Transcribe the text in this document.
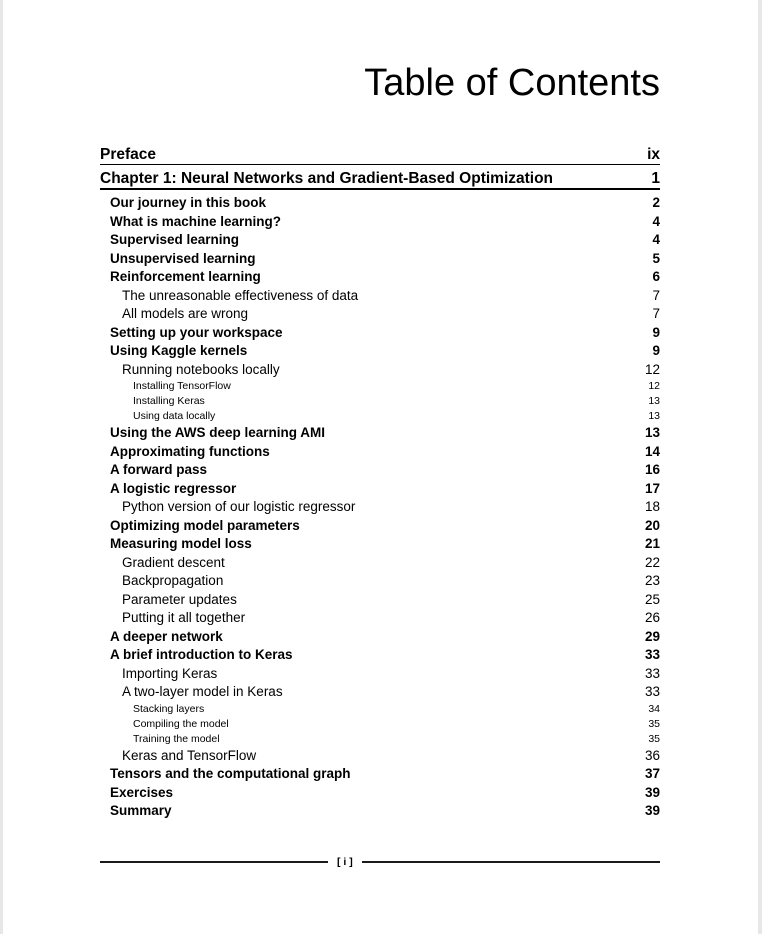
Table of Contents
Preface	ix
Chapter 1: Neural Networks and Gradient-Based Optimization	1
Our journey in this book	2
What is machine learning?	4
Supervised learning	4
Unsupervised learning	5
Reinforcement learning	6
The unreasonable effectiveness of data	7
All models are wrong	7
Setting up your workspace	9
Using Kaggle kernels	9
Running notebooks locally	12
Installing TensorFlow	12
Installing Keras	13
Using data locally	13
Using the AWS deep learning AMI	13
Approximating functions	14
A forward pass	16
A logistic regressor	17
Python version of our logistic regressor	18
Optimizing model parameters	20
Measuring model loss	21
Gradient descent	22
Backpropagation	23
Parameter updates	25
Putting it all together	26
A deeper network	29
A brief introduction to Keras	33
Importing Keras	33
A two-layer model in Keras	33
Stacking layers	34
Compiling the model	35
Training the model	35
Keras and TensorFlow	36
Tensors and the computational graph	37
Exercises	39
Summary	39
[ i ]
